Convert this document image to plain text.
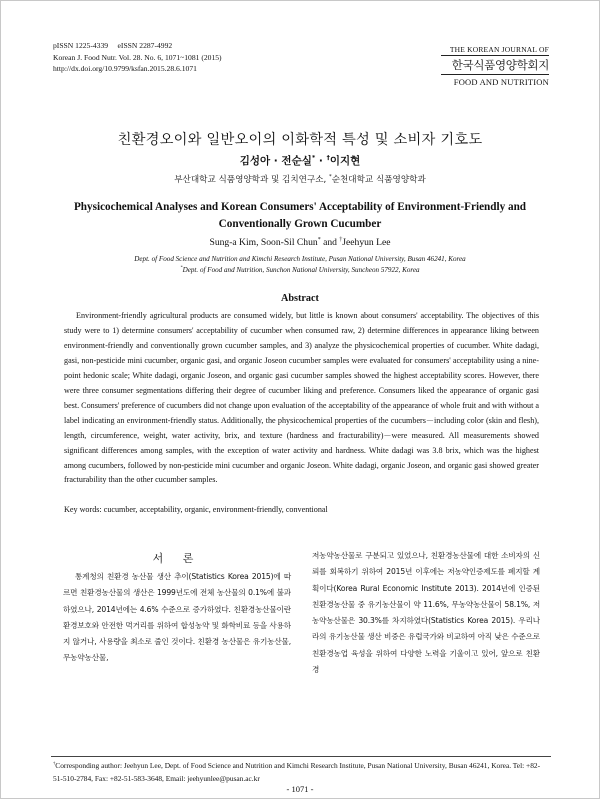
pISSN 1225-4339     eISSN 2287-4992
Korean J. Food Nutr. Vol. 28. No. 6, 1071~1081 (2015)
http://dx.doi.org/10.9799/ksfan.2015.28.6.1071
THE KOREAN JOURNAL OF
한국식품영양학회지
FOOD AND NUTRITION
친환경오이와 일반오이의 이화학적 특성 및 소비자 기호도
김성아 · 전순실* · †이지현
부산대학교 식품영양학과 및 김치연구소, *순천대학교 식품영양학과
Physicochemical Analyses and Korean Consumers' Acceptability of Environment-Friendly and Conventionally Grown Cucumber
Sung-a Kim, Soon-Sil Chun* and †Jeehyun Lee
Dept. of Food Science and Nutrition and Kimchi Research Institute, Pusan National University, Busan 46241, Korea
*Dept. of Food and Nutrition, Sunchon National University, Suncheon 57922, Korea
Abstract

Environment-friendly agricultural products are consumed widely, but little is known about consumers' acceptability. The objectives of this study were to 1) determine consumers' acceptability of cucumber when consumed raw, 2) determine differences in appearance liking between environment-friendly and conventionally grown cucumber samples, and 3) analyze the physicochemical properties of cucumber. White dadagi, gasi, non-pesticide mini cucumber, organic gasi, and organic Joseon cucumber samples were evaluated for consumers' acceptability using a nine-point hedonic scale; White dadagi, organic Joseon, and organic gasi cucumber samples showed the highest acceptability scores. However, there were three consumer segmentations differing their degree of cucumber liking and preference. Consumers liked the appearance of organic gasi best. Consumers' preference of cucumbers did not change upon evaluation of the acceptability of the appearance of whole fruit and with without a label indicating an environment-friendly status. Additionally, the physicochemical properties of the cucumbers－including color (skin and flesh), length, circumference, weight, water activity, brix, and texture (hardness and fracturability)－were measured. All measurements showed significant differences among samples, with the exception of water activity and hardness. White dadagi was 3.8 brix, which was the highest among cucumbers, followed by non-pesticide mini cucumber and organic Joseon. White dadagi, organic Joseon, and organic gasi showed greater fracturability than the other cucumber samples.

Key words: cucumber, acceptability, organic, environment-friendly, conventional
서 론

통계청의 친환경 농산물 생산 추이(Statistics Korea 2015)에 따르면 친환경농산물의 생산은 1999년도에 전체 농산물의 0.1%에 불과하였으나, 2014년에는 4.6% 수준으로 증가하였다. 친환경농산물이란 환경보호와 안전한 먹거리를 위하여 합성농약 및 화학비료 등을 사용하지 않거나, 사용량을 최소로 줄인 것이다. 친환경 농산물은 유기농산물, 무농약농산물,

저농약농산물로 구분되고 있었으나, 친환경농산물에 대한 소비자의 신뢰를 회복하기 위하여 2015년 이후에는 저농약인증제도를 폐지할 계획이다(Korea Rural Economic Institute 2013). 2014년에 인증된 친환경농산물 중 유기농산물이 약 11.6%, 무농약농산물이 58.1%, 저농약농산물은 30.3%를 차지하였다(Statistics Korea 2015). 우리나라의 유기농산물 생산 비중은 유럽국가와 비교하여 아직 낮은 수준으로 친환경농업 육성을 위하여 다양한 노력을 기울이고 있어, 앞으로 친환경

†Corresponding author: Jeehyun Lee, Dept. of Food Science and Nutrition and Kimchi Research Institute, Pusan National University, Busan 46241, Korea. Tel: +82-51-510-2784, Fax: +82-51-583-3648, Email: jeehyunlee@pusan.ac.kr
- 1071 -
